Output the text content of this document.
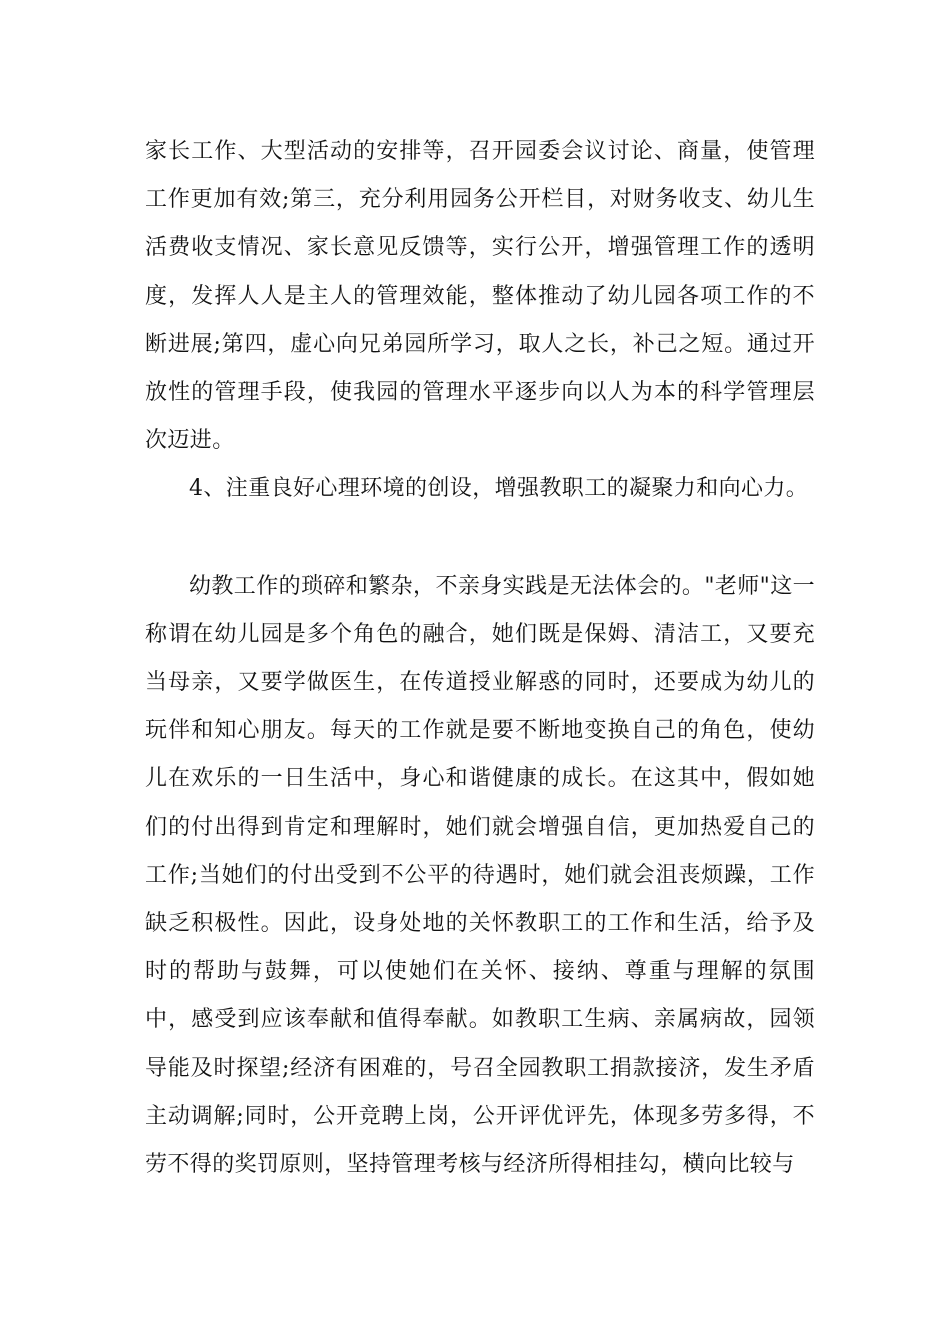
家长工作、大型活动的安排等，召开园委会议讨论、商量，使管理工作更加有效;第三，充分利用园务公开栏目，对财务收支、幼儿生活费收支情况、家长意见反馈等，实行公开，增强管理工作的透明度，发挥人人是主人的管理效能，整体推动了幼儿园各项工作的不断进展;第四，虚心向兄弟园所学习，取人之长，补己之短。通过开放性的管理手段，使我园的管理水平逐步向以人为本的科学管理层次迈进。

4、注重良好心理环境的创设，增强教职工的凝聚力和向心力。

幼教工作的琐碎和繁杂，不亲身实践是无法体会的。"老师"这一称谓在幼儿园是多个角色的融合，她们既是保姆、清洁工，又要充当母亲，又要学做医生，在传道授业解惑的同时，还要成为幼儿的玩伴和知心朋友。每天的工作就是要不断地变换自己的角色，使幼儿在欢乐的一日生活中，身心和谐健康的成长。在这其中，假如她们的付出得到肯定和理解时，她们就会增强自信，更加热爱自己的工作;当她们的付出受到不公平的待遇时，她们就会沮丧烦躁，工作缺乏积极性。因此，设身处地的关怀教职工的工作和生活，给予及时的帮助与鼓舞，可以使她们在关怀、接纳、尊重与理解的氛围中，感受到应该奉献和值得奉献。如教职工生病、亲属病故，园领导能及时探望;经济有困难的，号召全园教职工捐款接济，发生矛盾主动调解;同时，公开竞聘上岗，公开评优评先，体现多劳多得，不劳不得的奖罚原则，坚持管理考核与经济所得相挂勾，横向比较与
